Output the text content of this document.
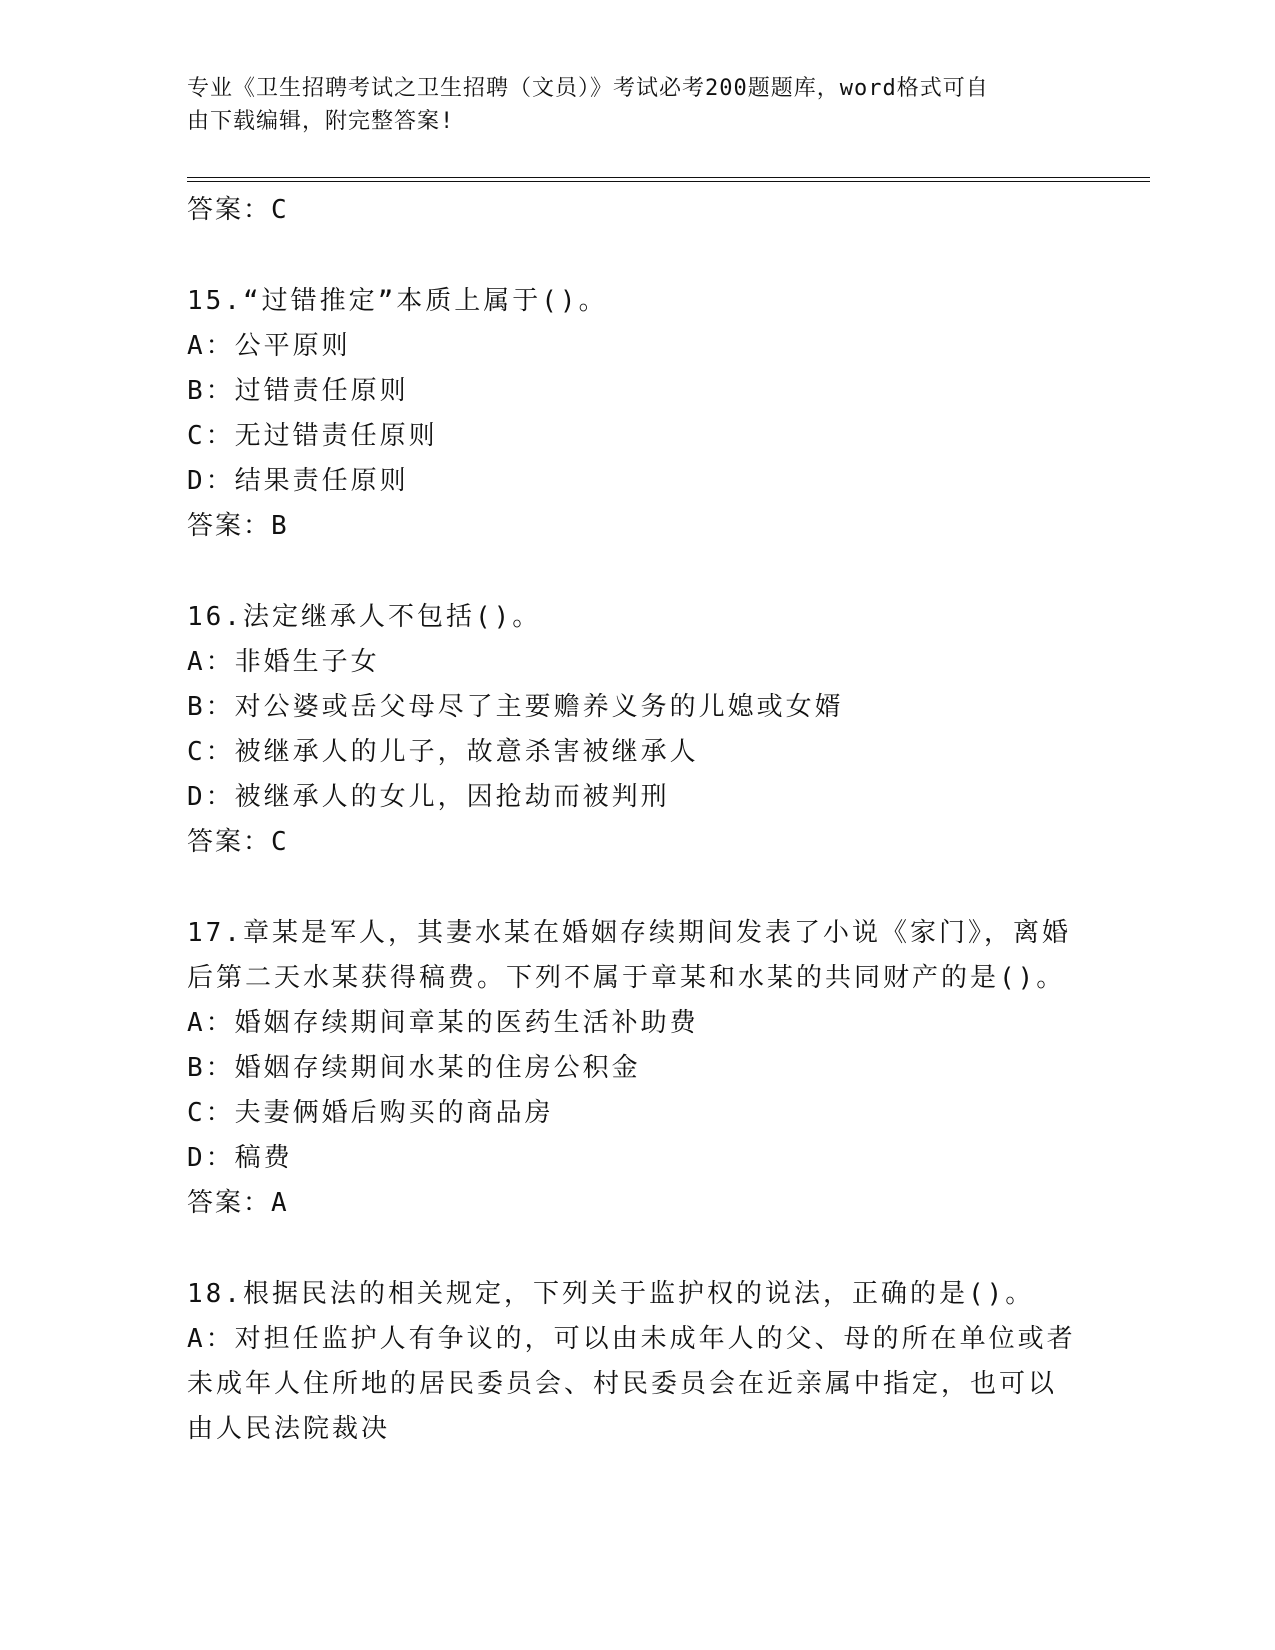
专业《卫生招聘考试之卫生招聘（文员）》考试必考200题题库，word格式可自
由下载编辑，附完整答案!
答案：C
15.“过错推定”本质上属于()。
A：公平原则
B：过错责任原则
C：无过错责任原则
D：结果责任原则
答案：B
16.法定继承人不包括()。
A：非婚生子女
B：对公婆或岳父母尽了主要赡养义务的儿媳或女婿
C：被继承人的儿子，故意杀害被继承人
D：被继承人的女儿，因抢劫而被判刑
答案：C
17.章某是军人，其妻水某在婚姻存续期间发表了小说《家门》，离婚
后第二天水某获得稿费。下列不属于章某和水某的共同财产的是()。
A：婚姻存续期间章某的医药生活补助费
B：婚姻存续期间水某的住房公积金
C：夫妻俩婚后购买的商品房
D：稿费
答案：A
18.根据民法的相关规定，下列关于监护权的说法，正确的是()。
A：对担任监护人有争议的，可以由未成年人的父、母的所在单位或者
未成年人住所地的居民委员会、村民委员会在近亲属中指定，也可以
由人民法院裁决
